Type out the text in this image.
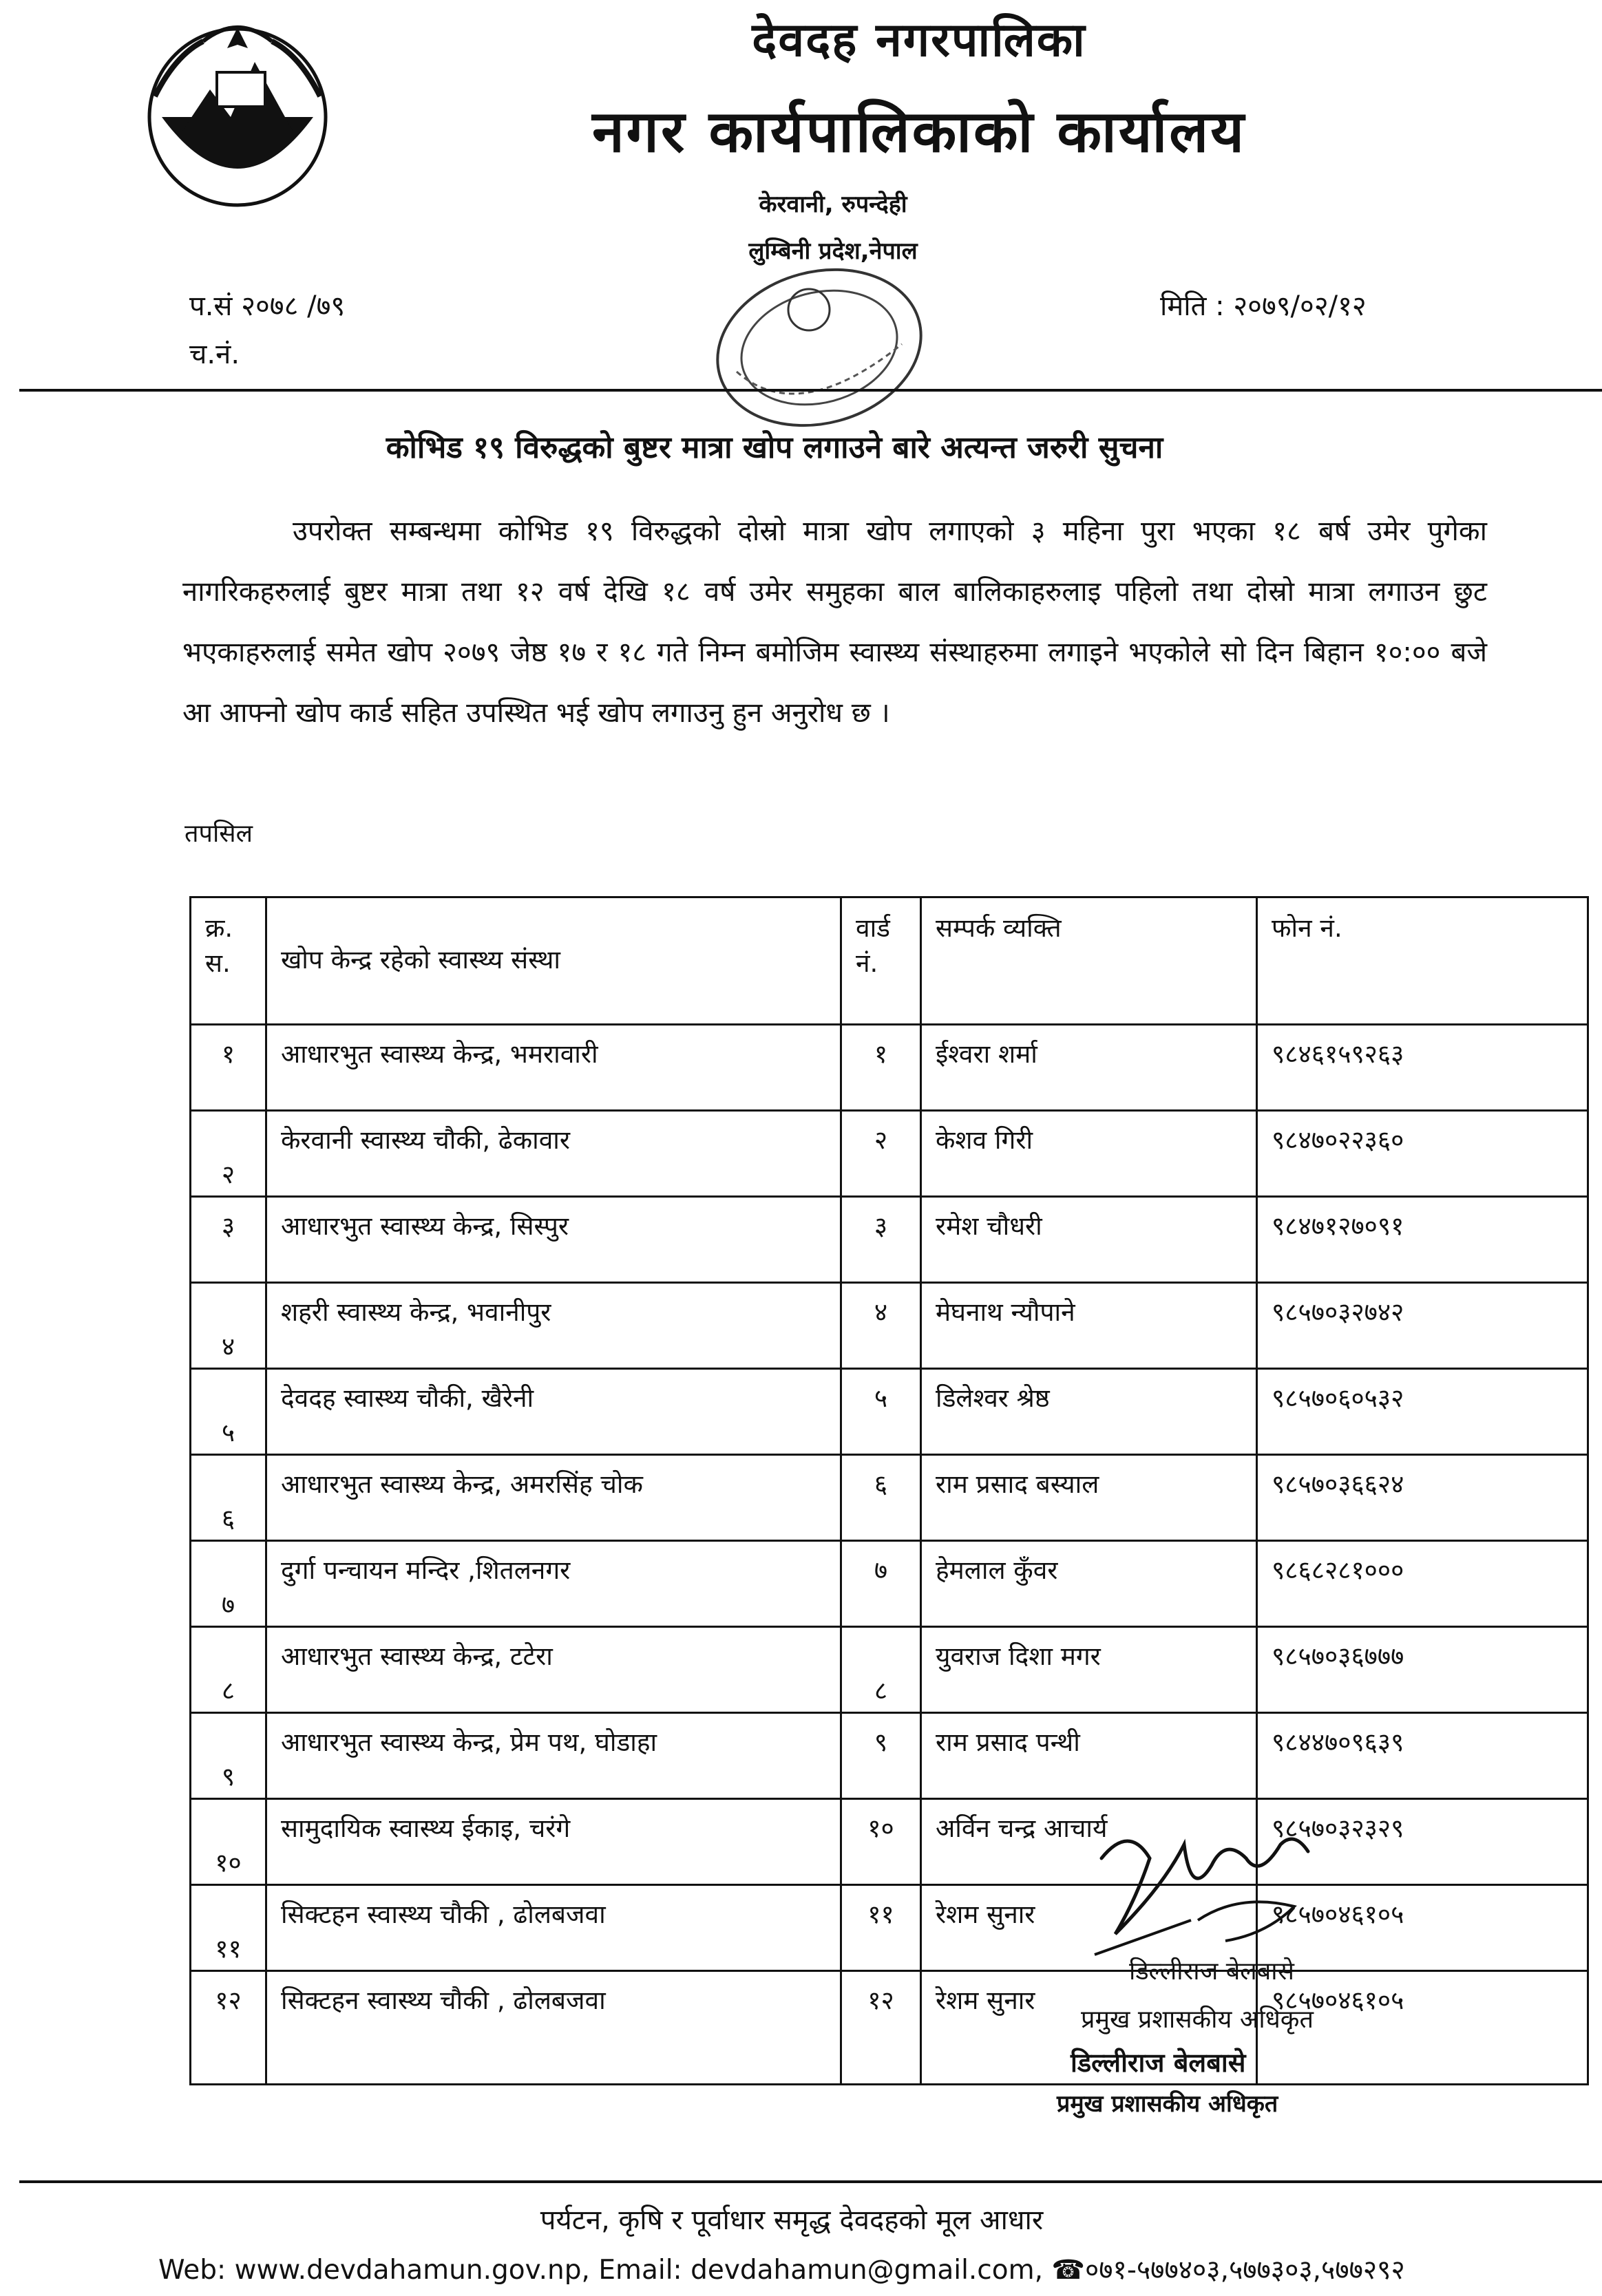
देवदह नगरपालिका
नगर कार्यपालिकाको कार्यालय
केरवानी, रुपन्देही
लुम्बिनी प्रदेश,नेपाल
प.सं २०७८ /७९
च.नं.
मिति : २०७९/०२/१२
कोभिड १९ विरुद्धको बुष्टर मात्रा खोप लगाउने बारे अत्यन्त जरुरी सुचना
उपरोक्त सम्बन्धमा कोभिड १९ विरुद्धको दोस्रो मात्रा खोप लगाएको ३ महिना पुरा भएका १८ बर्ष उमेर पुगेका नागरिकहरुलाई बुष्टर मात्रा तथा १२ वर्ष देखि १८ वर्ष उमेर समुहका बाल बालिकाहरुलाइ पहिलो तथा दोस्रो मात्रा लगाउन छुट भएकाहरुलाई समेत खोप २०७९ जेष्ठ १७ र १८ गते निम्न बमोजिम स्वास्थ्य संस्थाहरुमा लगाइने भएकोले सो दिन बिहान १०:०० बजे आ आफ्नो खोप कार्ड सहित उपस्थित भई खोप लगाउनु हुन अनुरोध छ ।
तपसिल
क्र. स.	खोप केन्द्र रहेको स्वास्थ्य संस्था	वार्ड नं.	सम्पर्क व्यक्ति	फोन नं.
१	आधारभुत स्वास्थ्य केन्द्र, भमरावारी	१	ईश्वरा शर्मा	९८४६१५९२६३

२	केरवानी स्वास्थ्य चौकी, ढेकावार	२	केशव गिरी	९८४७०२२३६०
३	आधारभुत स्वास्थ्य केन्द्र, सिस्पुर	३	रमेश चौधरी	९८४७१२७०९१

४	शहरी स्वास्थ्य केन्द्र, भवानीपुर	४	मेघनाथ न्यौपाने	९८५७०३२७४२

५	देवदह स्वास्थ्य चौकी, खैरेनी	५	डिलेश्वर श्रेष्ठ	९८५७०६०५३२

६	आधारभुत स्वास्थ्य केन्द्र, अमरसिंह चोक	६	राम प्रसाद बस्याल	९८५७०३६६२४

७	दुर्गा पन्चायन मन्दिर ,शितलनगर	७	हेमलाल कुँवर	९८६८२८१०००

८	आधारभुत स्वास्थ्य केन्द्र, टटेरा	८	युवराज दिशा मगर	९८५७०३६७७७

९	आधारभुत स्वास्थ्य केन्द्र, प्रेम पथ, घोडाहा	९	राम प्रसाद पन्थी	९८४४७०९६३९

१०	सामुदायिक स्वास्थ्य ईकाइ, चरंगे	१०	अर्विन चन्द्र आचार्य	९८५७०३२३२९

११	सिक्टहन स्वास्थ्य चौकी , ढोलबजवा	११	रेशम सुनार	९८५७०४६१०५
१२	सिक्टहन स्वास्थ्य चौकी , ढोलबजवा	१२	रेशम सुनार	९८५७०४६१०५
डिल्लीराज बेलबासे
प्रमुख प्रशासकीय अधिकृत
डिल्लीराज बेलबासे
प्रमुख प्रशासकीय अधिकृत
पर्यटन, कृषि र पूर्वाधार समृद्ध देवदहको मूल आधार
Web: www.devdahamun.gov.np, Email: devdahamun@gmail.com, ☎०७१-५७७४०३,५७७३०३,५७७२९२
